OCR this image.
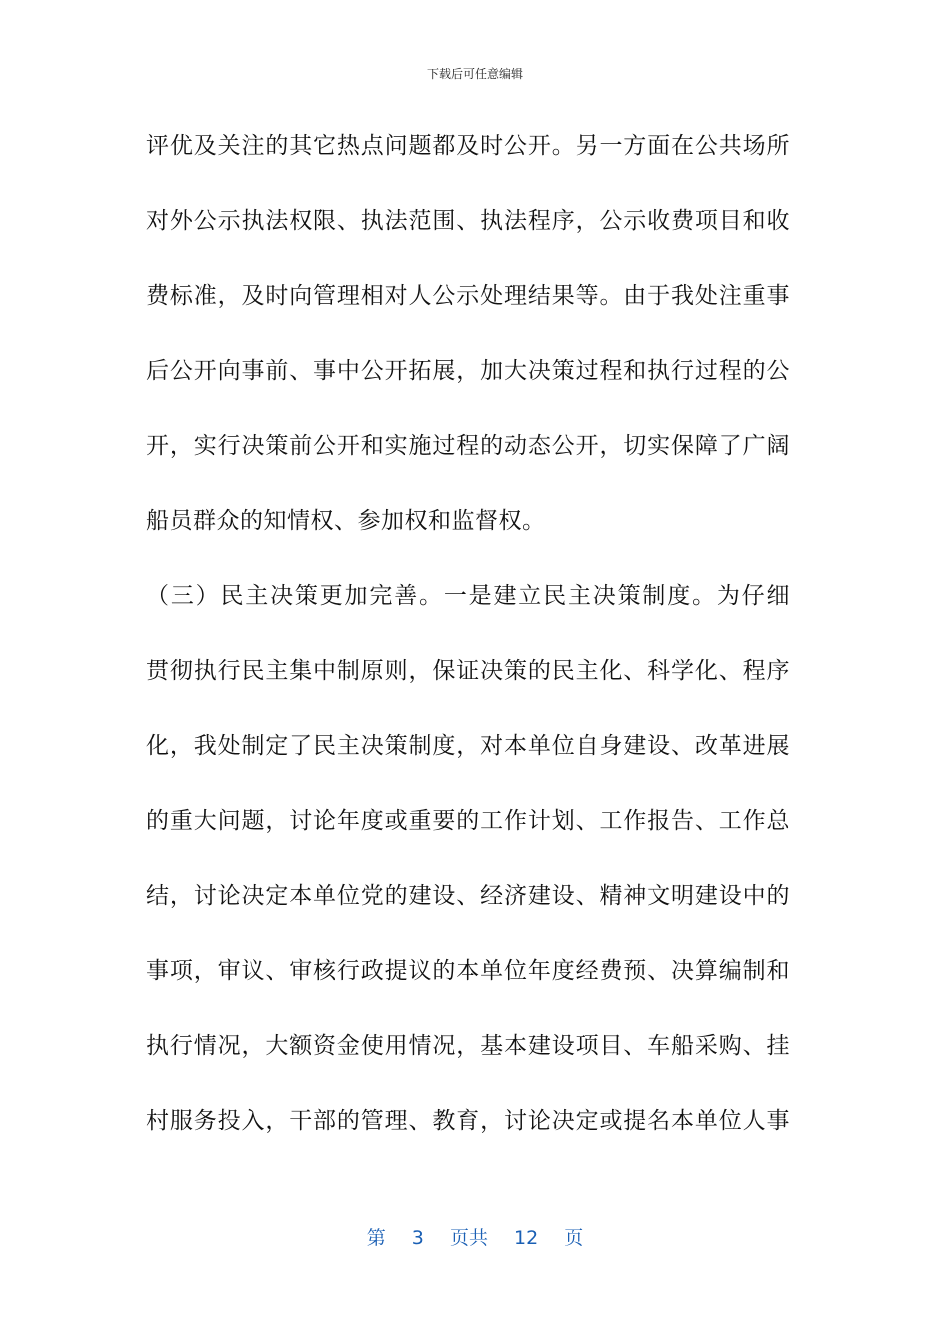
下载后可任意编辑
评优及关注的其它热点问题都及时公开。另一方面在公共场所
对外公示执法权限、执法范围、执法程序，公示收费项目和收
费标准，及时向管理相对人公示处理结果等。由于我处注重事
后公开向事前、事中公开拓展，加大决策过程和执行过程的公
开，实行决策前公开和实施过程的动态公开，切实保障了广阔
船员群众的知情权、参加权和监督权。
（三）民主决策更加完善。一是建立民主决策制度。为仔细
贯彻执行民主集中制原则，保证决策的民主化、科学化、程序
化，我处制定了民主决策制度，对本单位自身建设、改革进展
的重大问题，讨论年度或重要的工作计划、工作报告、工作总
结，讨论决定本单位党的建设、经济建设、精神文明建设中的
事项，审议、审核行政提议的本单位年度经费预、决算编制和
执行情况，大额资金使用情况，基本建设项目、车船采购、挂
村服务投入，干部的管理、教育，讨论决定或提名本单位人事
第 3 页共 12 页
